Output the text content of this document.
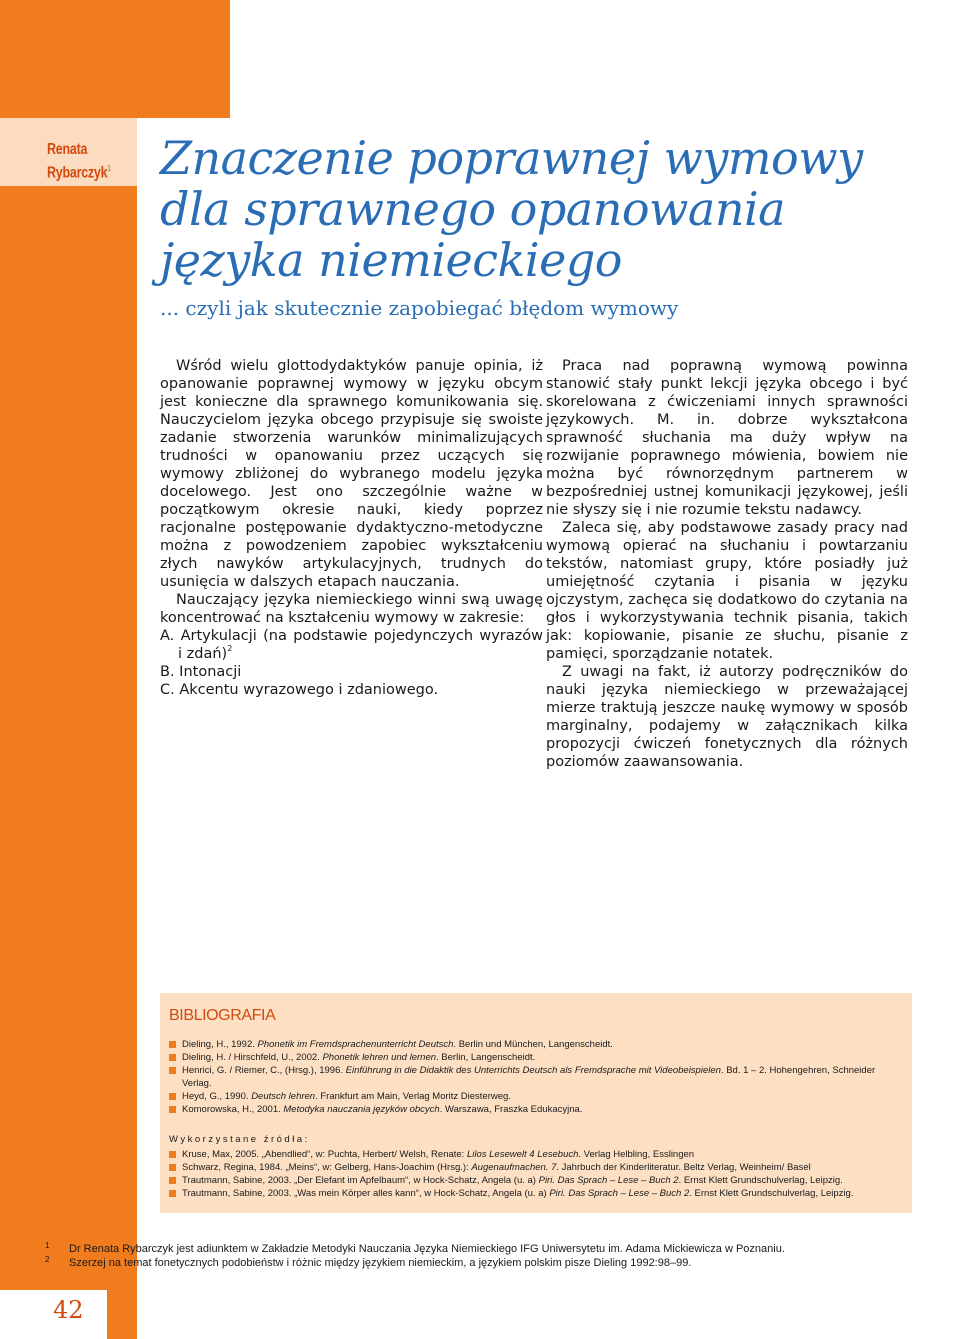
Renata
Rybarczyk$^1$ Znaczenie poprawnej wymowy
dla sprawnego opanowania
języka niemieckiego
... czyli jak skutecznie zapobiegać błędom wymowy

Wśród wielu glottodydaktyków panuje opinia, iż opanowanie poprawnej wymowy w języku obcym jest konieczne dla sprawnego komunikowania się. Nauczycielom języka obcego przypisuje się swoiste zadanie stworzenia warunków minimalizujących trudności w opanowaniu przez uczących się wymowy zbliżonej do wybranego modelu języka docelowego. Jest ono szczególnie ważne w początkowym okresie nauki, kiedy poprzez racjonalne postępowanie dydaktyczno-metodyczne można z powodzeniem zapobiec wykształceniu złych nawyków artykulacyjnych, trudnych do usunięcia w dalszych etapach nauczania.

Nauczający języka niemieckiego winni swą uwagę koncentrować na kształceniu wymowy w zakresie:

A. Artykulacji (na podstawie pojedynczych wyrazów i zdań)$^2$

B. Intonacji

C. Akcentu wyrazowego i zdaniowego.

Praca nad poprawną wymową powinna stanowić stały punkt lekcji języka obcego i być skorelowana z ćwiczeniami innych sprawności językowych. M. in. dobrze wykształcona sprawność słuchania ma duży wpływ na rozwijanie poprawnego mówienia, bowiem nie można być równorzędnym partnerem w bezpośredniej ustnej komunikacji językowej, jeśli nie słyszy się i nie rozumie tekstu nadawcy.

Zaleca się, aby podstawowe zasady pracy nad wymową opierać na słuchaniu i powtarzaniu tekstów, natomiast grupy, które posiadły już umiejętność czytania i pisania w języku ojczystym, zachęca się dodatkowo do czytania na głos i wykorzystywania technik pisania, takich jak: kopiowanie, pisanie ze słuchu, pisanie z pamięci, sporządzanie notatek.

Z uwagi na fakt, iż autorzy podręczników do nauki języka niemieckiego w przeważającej mierze traktują jeszcze naukę wymowy w sposób marginalny, podajemy w załącznikach kilka propozycji ćwiczeń fonetycznych dla różnych poziomów zaawansowania.

BIBLIOGRAFIA

Dieling, H., 1992. Phonetik im Fremdsprachenunterricht Deutsch. Berlin und München, Langenscheidt.

Dieling, H. / Hirschfeld, U., 2002. Phonetik lehren und lernen. Berlin, Langenscheidt.

Henrici, G. / Riemer, C., (Hrsg.), 1996. Einführung in die Didaktik des Unterrichts Deutsch als Fremdsprache mit Videobeispielen. Bd. 1 – 2. Hohengehren, Schneider Verlag.

Heyd, G., 1990. Deutsch lehren. Frankfurt am Main, Verlag Moritz Diesterweg.

Komorowska, H., 2001. Metodyka nauczania języków obcych. Warszawa, Fraszka Edukacyjna.

Wykorzystane źródła:

Kruse, Max, 2005. „Abendlied“, w: Puchta, Herbert/ Welsh, Renate: Lilos Lesewelt 4 Lesebuch. Verlag Helbling, Esslingen

Schwarz, Regina, 1984. „Meins“, w: Gelberg, Hans-Joachim (Hrsg.): Augenaufmachen. 7. Jahrbuch der Kinderliteratur. Beltz Verlag, Weinheim/ Basel

Trautmann, Sabine, 2003. „Der Elefant im Apfelbaum“, w Hock-Schatz, Angela (u. a) Piri. Das Sprach – Lese – Buch 2. Ernst Klett Grundschulverlag, Leipzig.

Trautmann, Sabine, 2003. „Was mein Körper alles kann“, w Hock-Schatz, Angela (u. a) Piri. Das Sprach – Lese – Buch 2. Ernst Klett Grundschulverlag, Leipzig.

1 Dr Renata Rybarczyk jest adiunktem w Zakładzie Metodyki Nauczania Języka Niemieckiego IFG Uniwersytetu im. Adama Mickiewicza w Poznaniu.

2 Szerzej na temat fonetycznych podobieństw i różnic między językiem niemieckim, a językiem polskim pisze Dieling 1992:98–99.

42
